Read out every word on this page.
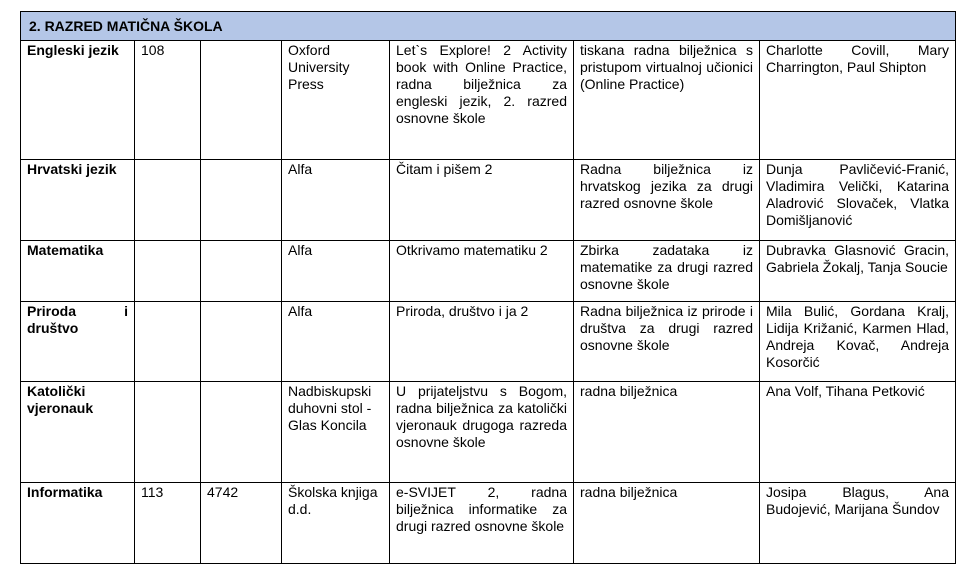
2. RAZRED MATIČNA ŠKOLA						
Engleski jezik	108		Oxford University Press	Let`s Explore! 2 Activity book with Online Practice, radna bilježnica za engleski jezik, 2. razred osnovne škole	tiskana radna bilježnica s pristupom virtualnoj učionici (Online Practice)	Charlotte Covill, Mary Charrington, Paul Shipton
Hrvatski jezik			Alfa	Čitam i pišem 2	Radna bilježnica iz hrvatskog jezika za drugi razred osnovne škole	Dunja Pavličević-Franić, Vladimira Velički, Katarina Aladrović Slovaček, Vlatka Domišljanović
Matematika			Alfa	Otkrivamo matematiku 2	Zbirka zadataka iz matematike za drugi razred osnovne škole	Dubravka Glasnović Gracin, Gabriela Žokalj, Tanja Soucie
Priroda i društvo			Alfa	Priroda, društvo i ja 2	Radna bilježnica iz prirode i društva za drugi razred osnovne škole	Mila Bulić, Gordana Kralj, Lidija Križanić, Karmen Hlad, Andreja Kovač, Andreja Kosorčić
Katolički vjeronauk			Nadbiskupski duhovni stol - Glas Koncila	U prijateljstvu s Bogom, radna bilježnica za katolički vjeronauk drugoga razreda osnovne škole	radna bilježnica	Ana Volf, Tihana Petković
Informatika	113	4742	Školska knjiga d.d.	e-SVIJET 2, radna bilježnica informatike za drugi razred osnovne škole	radna bilježnica	Josipa Blagus, Ana Budojević, Marijana Šundov
